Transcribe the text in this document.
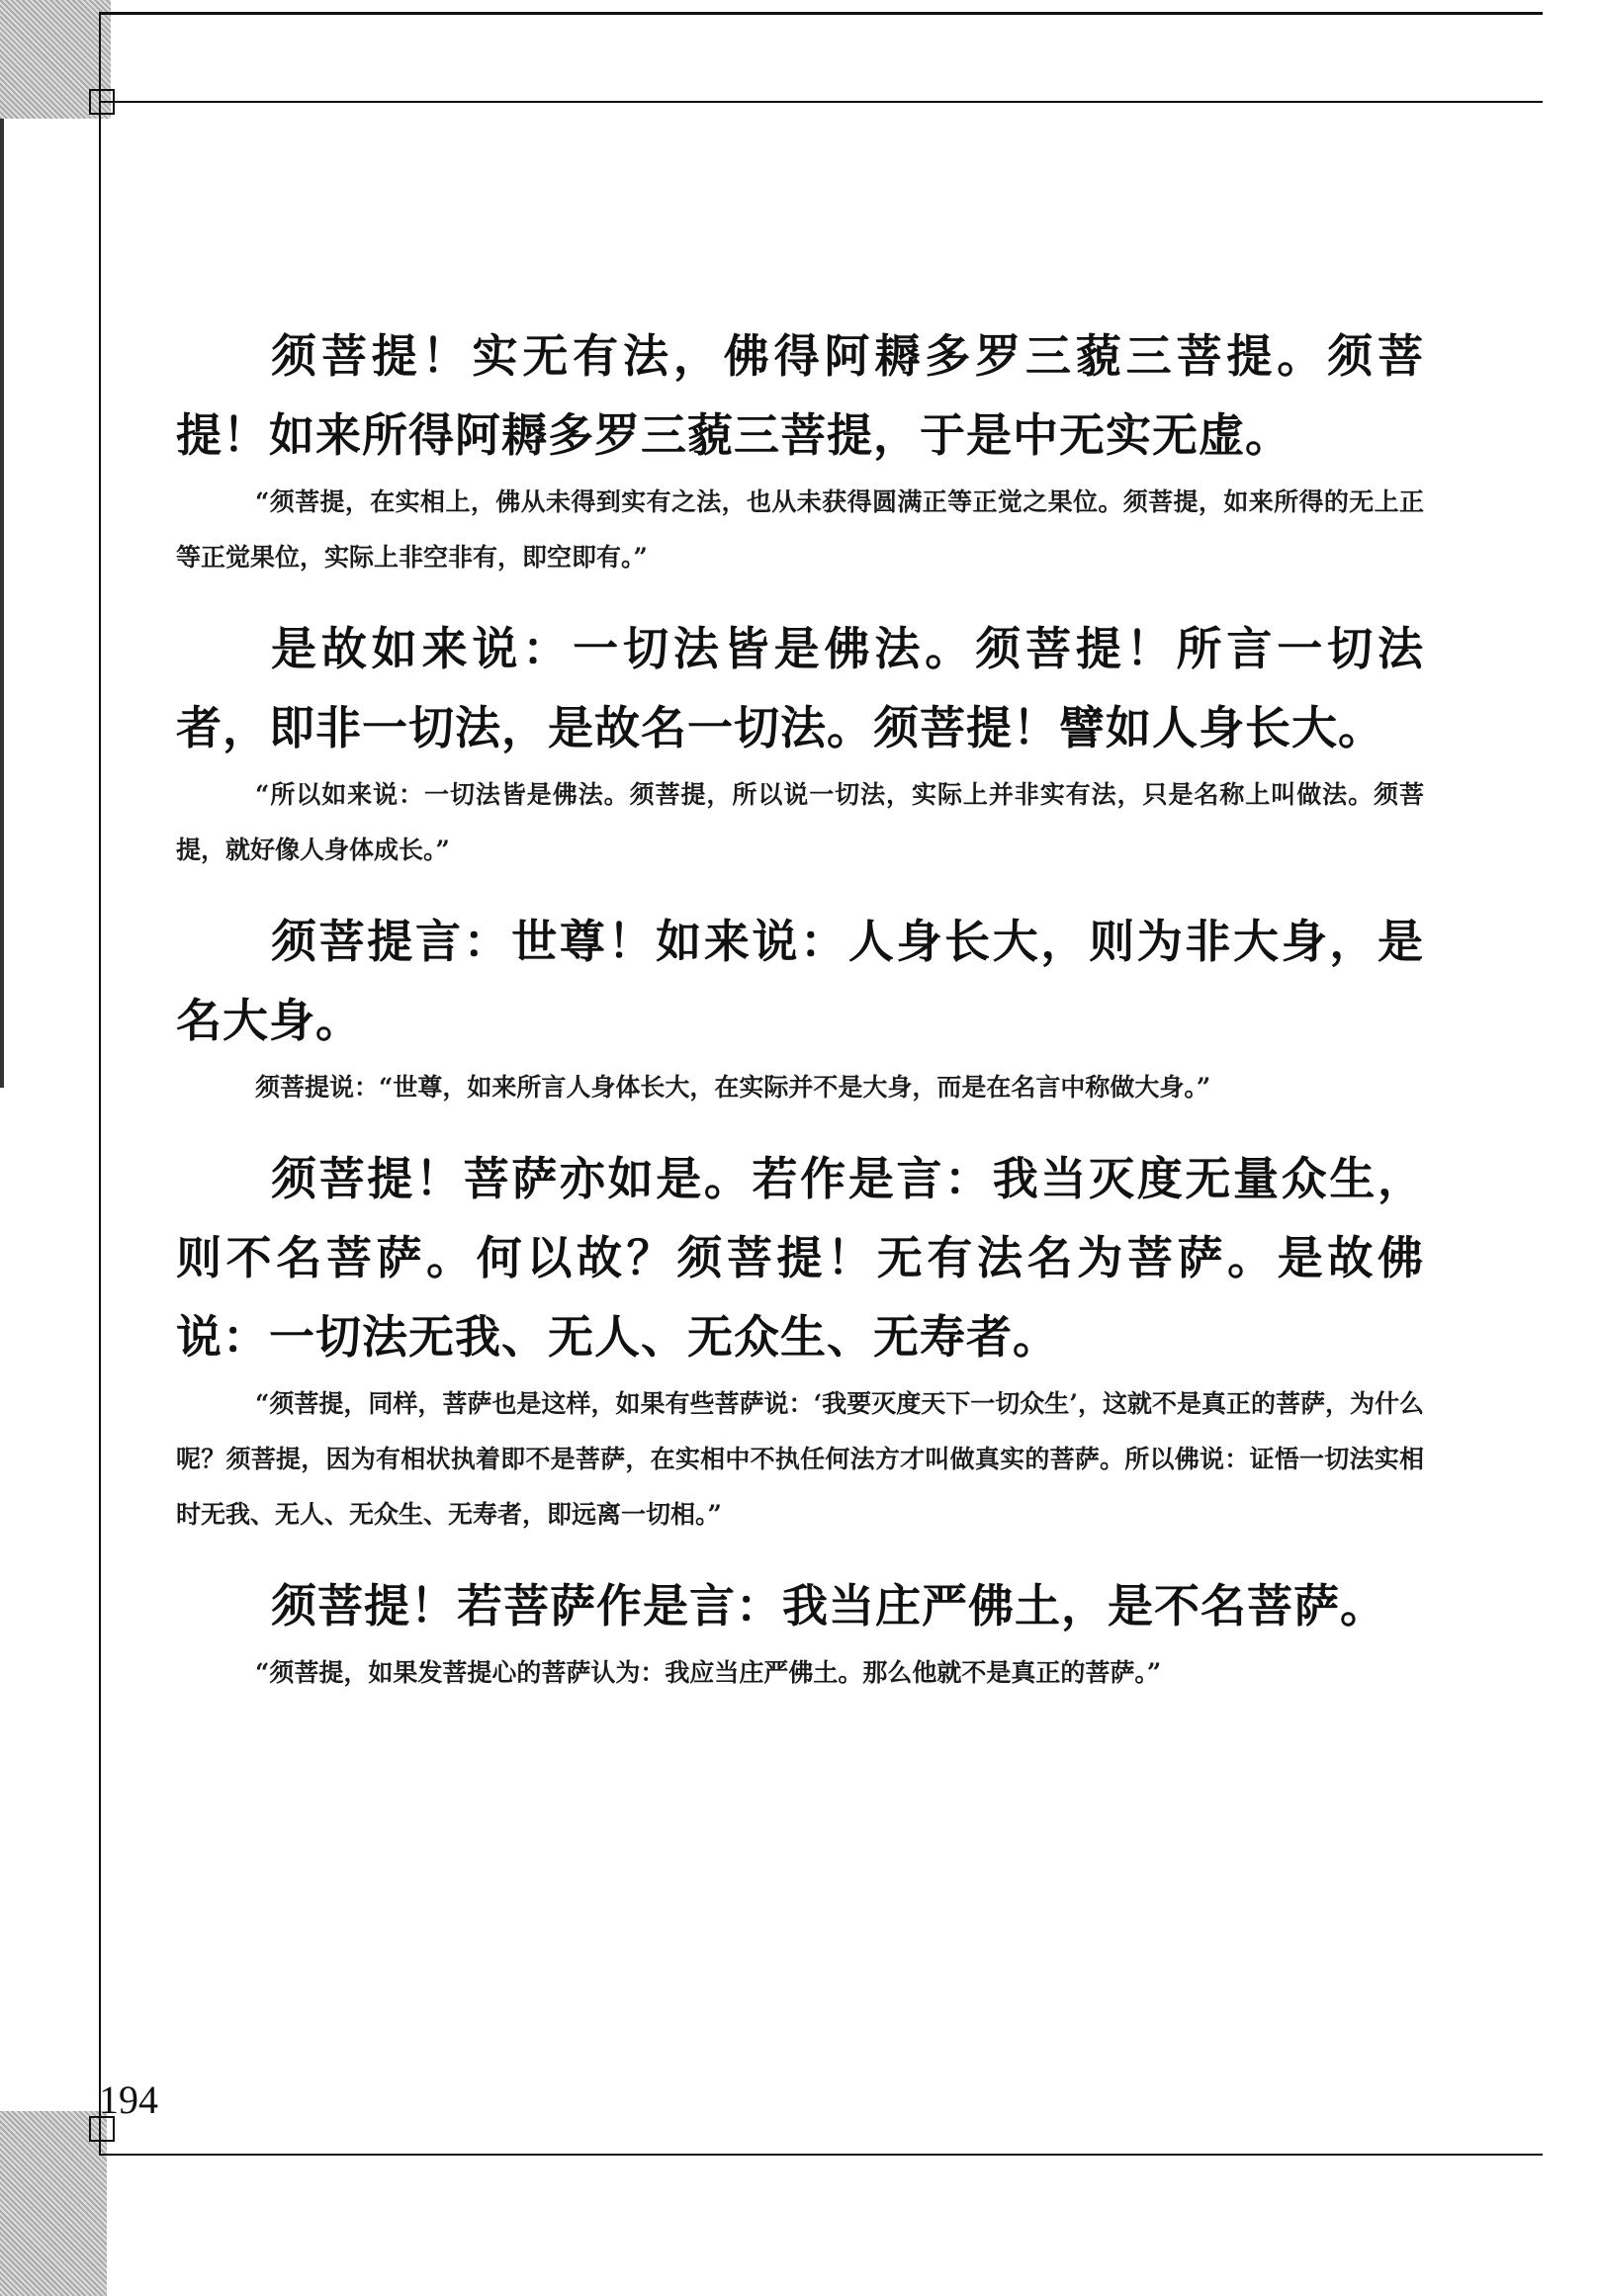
须菩提！实无有法，佛得阿耨多罗三藐三菩提。须菩提！如来所得阿耨多罗三藐三菩提，于是中无实无虚。

“须菩提，在实相上，佛从未得到实有之法，也从未获得圆满正等正觉之果位。须菩提，如来所得的无上正等正觉果位，实际上非空非有，即空即有。”

是故如来说：一切法皆是佛法。须菩提！所言一切法者，即非一切法，是故名一切法。须菩提！譬如人身长大。

“所以如来说：一切法皆是佛法。须菩提，所以说一切法，实际上并非实有法，只是名称上叫做法。须菩提，就好像人身体成长。”

须菩提言：世尊！如来说：人身长大，则为非大身，是名大身。

须菩提说：“世尊，如来所言人身体长大，在实际并不是大身，而是在名言中称做大身。”

须菩提！菩萨亦如是。若作是言：我当灭度无量众生，则不名菩萨。何以故？须菩提！无有法名为菩萨。是故佛说：一切法无我、无人、无众生、无寿者。

“须菩提，同样，菩萨也是这样，如果有些菩萨说：‘我要灭度天下一切众生’，这就不是真正的菩萨，为什么呢？须菩提，因为有相状执着即不是菩萨，在实相中不执任何法方才叫做真实的菩萨。所以佛说：证悟一切法实相时无我、无人、无众生、无寿者，即远离一切相。”

须菩提！若菩萨作是言：我当庄严佛土，是不名菩萨。

“须菩提，如果发菩提心的菩萨认为：我应当庄严佛土。那么他就不是真正的菩萨。”

194
